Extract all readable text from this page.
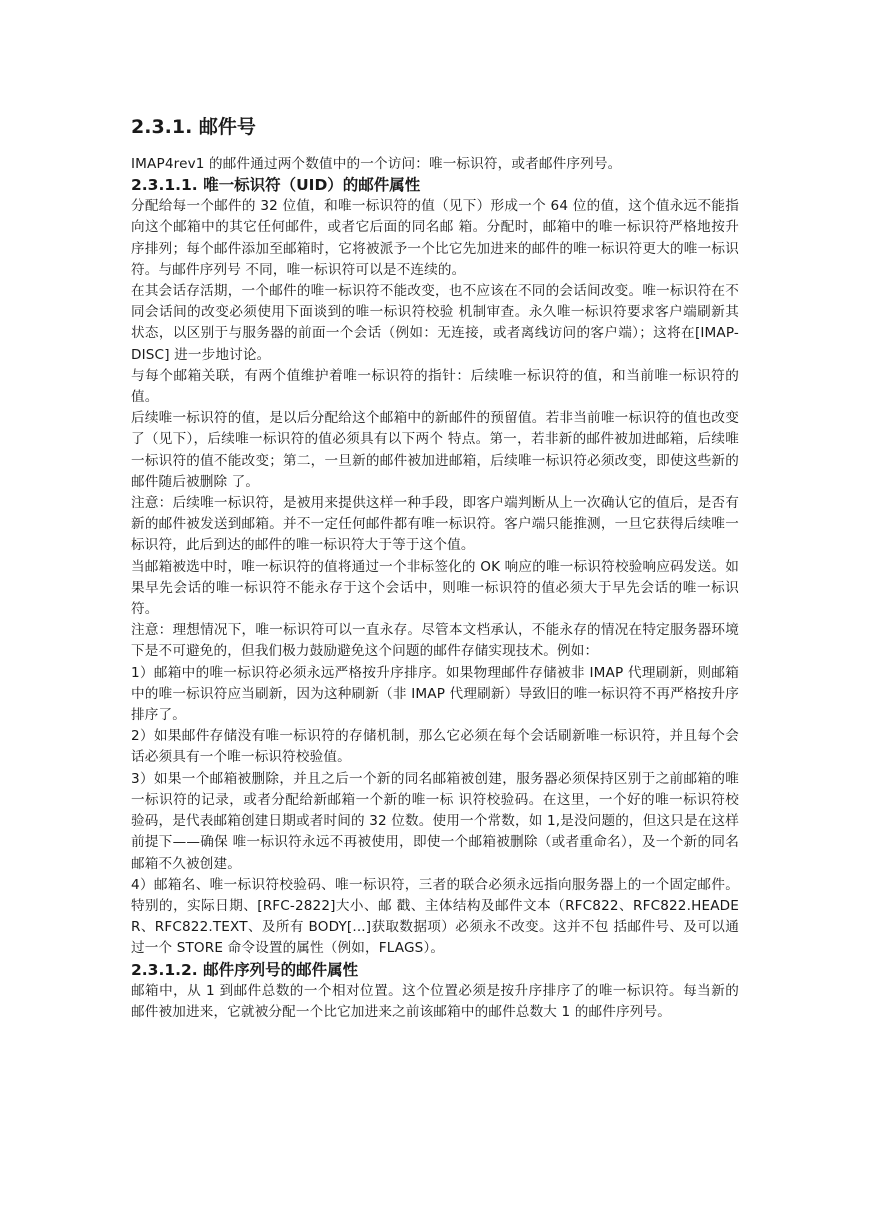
2.3.1. 邮件号

IMAP4rev1 的邮件通过两个数值中的一个访问：唯一标识符，或者邮件序列号。

2.3.1.1. 唯一标识符（UID）的邮件属性

分配给每一个邮件的 32 位值，和唯一标识符的值（见下）形成一个 64 位的值，这个值永远不能指向这个邮箱中的其它任何邮件，或者它后面的同名邮 箱。分配时，邮箱中的唯一标识符严格地按升序排列；每个邮件添加至邮箱时，它将被派予一个比它先加进来的邮件的唯一标识符更大的唯一标识符。与邮件序列号 不同，唯一标识符可以是不连续的。

在其会话存活期，一个邮件的唯一标识符不能改变，也不应该在不同的会话间改变。唯一标识符在不同会话间的改变必须使用下面谈到的唯一标识符校验 机制审查。永久唯一标识符要求客户端刷新其状态，以区别于与服务器的前面一个会话（例如：无连接，或者离线访问的客户端）；这将在[IMAP-DISC] 进一步地讨论。

与每个邮箱关联，有两个值维护着唯一标识符的指针：后续唯一标识符的值，和当前唯一标识符的值。

后续唯一标识符的值，是以后分配给这个邮箱中的新邮件的预留值。若非当前唯一标识符的值也改变了（见下），后续唯一标识符的值必须具有以下两个 特点。第一，若非新的邮件被加进邮箱，后续唯一标识符的值不能改变；第二，一旦新的邮件被加进邮箱，后续唯一标识符必须改变，即使这些新的邮件随后被删除 了。

注意：后续唯一标识符，是被用来提供这样一种手段，即客户端判断从上一次确认它的值后，是否有新的邮件被发送到邮箱。并不一定任何邮件都有唯一标识符。客户端只能推测，一旦它获得后续唯一标识符，此后到达的邮件的唯一标识符大于等于这个值。

当邮箱被选中时，唯一标识符的值将通过一个非标签化的 OK 响应的唯一标识符校验响应码发送。如果早先会话的唯一标识符不能永存于这个会话中，则唯一标识符的值必须大于早先会话的唯一标识符。

注意：理想情况下，唯一标识符可以一直永存。尽管本文档承认，不能永存的情况在特定服务器环境下是不可避免的，但我们极力鼓励避免这个问题的邮件存储实现技术。例如：

1）邮箱中的唯一标识符必须永远严格按升序排序。如果物理邮件存储被非 IMAP 代理刷新，则邮箱中的唯一标识符应当刷新，因为这种刷新（非 IMAP 代理刷新）导致旧的唯一标识符不再严格按升序排序了。

2）如果邮件存储没有唯一标识符的存储机制，那么它必须在每个会话刷新唯一标识符，并且每个会话必须具有一个唯一标识符校验值。

3）如果一个邮箱被删除，并且之后一个新的同名邮箱被创建，服务器必须保持区别于之前邮箱的唯一标识符的记录，或者分配给新邮箱一个新的唯一标 识符校验码。在这里，一个好的唯一标识符校验码，是代表邮箱创建日期或者时间的 32 位数。使用一个常数，如 1,是没问题的，但这只是在这样前提下——确保 唯一标识符永远不再被使用，即使一个邮箱被删除（或者重命名），及一个新的同名邮箱不久被创建。

4）邮箱名、唯一标识符校验码、唯一标识符，三者的联合必须永远指向服务器上的一个固定邮件。特别的，实际日期、[RFC-2822]大小、邮 戳、主体结构及邮件文本（RFC822、RFC822.HEADER、RFC822.TEXT、及所有 BODY[...]获取数据项）必须永不改变。这并不包 括邮件号、及可以通过一个 STORE 命令设置的属性（例如，FLAGS）。

2.3.1.2. 邮件序列号的邮件属性

邮箱中，从 1 到邮件总数的一个相对位置。这个位置必须是按升序排序了的唯一标识符。每当新的邮件被加进来，它就被分配一个比它加进来之前该邮箱中的邮件总数大 1 的邮件序列号。
